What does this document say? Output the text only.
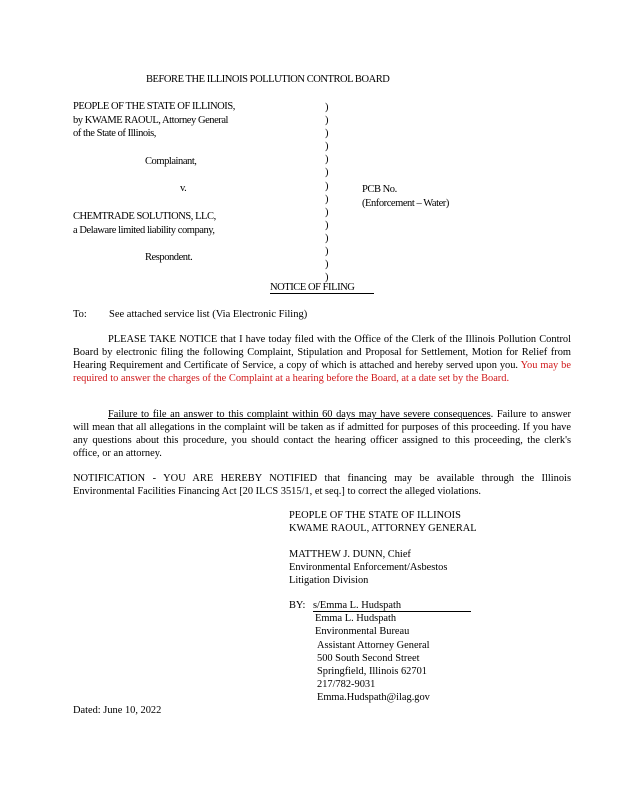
BEFORE THE ILLINOIS POLLUTION CONTROL BOARD
PEOPLE OF THE STATE OF ILLINOIS,
by KWAME RAOUL, Attorney General
of the State of Illinois,
Complainant,
v.
CHEMTRADE SOLUTIONS, LLC,
a Delaware limited liability company,
Respondent.
)
)
)
)
)
)
)
)
)
)
)
)
)
)
PCB No.
(Enforcement – Water)
NOTICE OF FILING
To: See attached service list (Via Electronic Filing)
PLEASE TAKE NOTICE that I have today filed with the Office of the Clerk of the Illinois Pollution Control Board by electronic filing the following Complaint, Stipulation and Proposal for Settlement, Motion for Relief from Hearing Requirement and Certificate of Service, a copy of which is attached and hereby served upon you. You may be required to answer the charges of the Complaint at a hearing before the Board, at a date set by the Board.
Failure to file an answer to this complaint within 60 days may have severe consequences. Failure to answer will mean that all allegations in the complaint will be taken as if admitted for purposes of this proceeding. If you have any questions about this procedure, you should contact the hearing officer assigned to this proceeding, the clerk's office, or an attorney.
NOTIFICATION - YOU ARE HEREBY NOTIFIED that financing may be available through the Illinois Environmental Facilities Financing Act [20 ILCS 3515/1, et seq.] to correct the alleged violations.
PEOPLE OF THE STATE OF ILLINOIS
KWAME RAOUL, ATTORNEY GENERAL
MATTHEW J. DUNN, Chief
Environmental Enforcement/Asbestos
Litigation Division
BY: s/Emma L. Hudspath
Emma L. Hudspath
Environmental Bureau
Assistant Attorney General
500 South Second Street
Springfield, Illinois 62701
217/782-9031
Emma.Hudspath@ilag.gov
Dated: June 10, 2022
